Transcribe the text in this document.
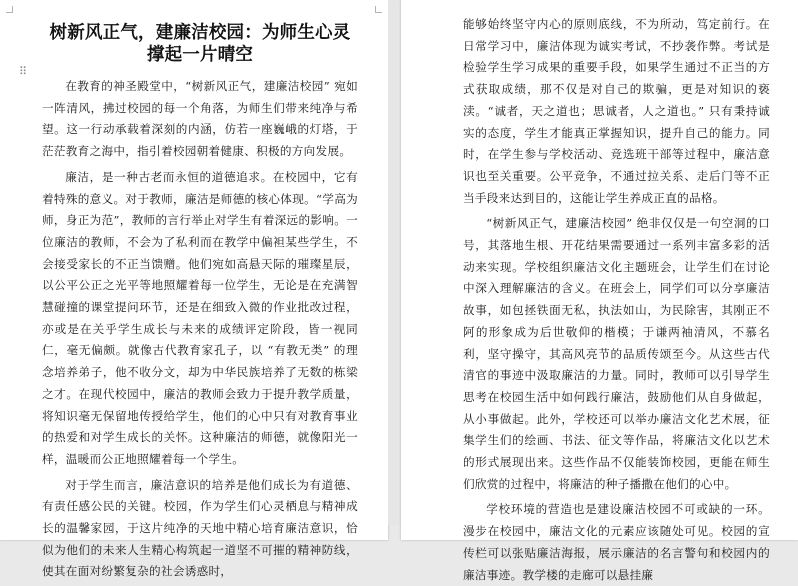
树新风正气，建廉洁校园：为师生心灵撑起一片晴空

在教育的神圣殿堂中，“树新风正气，建廉洁校园” 宛如一阵清风，拂过校园的每一个角落，为师生们带来纯净与希望。这一行动承载着深刻的内涵，仿若一座巍峨的灯塔，于茫茫教育之海中，指引着校园朝着健康、积极的方向发展。

廉洁，是一种古老而永恒的道德追求。在校园中，它有着特殊的意义。对于教师，廉洁是师德的核心体现。“学高为师，身正为范”，教师的言行举止对学生有着深远的影响。一位廉洁的教师，不会为了私利而在教学中偏袒某些学生，不会接受家长的不正当馈赠。他们宛如高悬天际的璀璨星辰，以公平公正之光平等地照耀着每一位学生，无论是在充满智慧碰撞的课堂提问环节，还是在细致入微的作业批改过程，亦或是在关乎学生成长与未来的成绩评定阶段，皆一视同仁，毫无偏颇。就像古代教育家孔子，以 “有教无类” 的理念培养弟子，他不收分文，却为中华民族培养了无数的栋梁之才。在现代校园中，廉洁的教师会致力于提升教学质量，将知识毫无保留地传授给学生，他们的心中只有对教育事业的热爱和对学生成长的关怀。这种廉洁的师德，就像阳光一样，温暖而公正地照耀着每一个学生。

对于学生而言，廉洁意识的培养是他们成长为有道德、有责任感公民的关键。校园，作为学生们心灵栖息与精神成长的温馨家园，于这片纯净的天地中精心培育廉洁意识，恰似为他们的未来人生精心构筑起一道坚不可摧的精神防线，使其在面对纷繁复杂的社会诱惑时，

⠿

能够始终坚守内心的原则底线，不为所动，笃定前行。在日常学习中，廉洁体现为诚实考试，不抄袭作弊。考试是检验学生学习成果的重要手段，如果学生通过不正当的方式获取成绩，那不仅是对自己的欺骗，更是对知识的亵渎。“诚者，天之道也；思诚者，人之道也。” 只有秉持诚实的态度，学生才能真正掌握知识，提升自己的能力。同时，在学生参与学校活动、竞选班干部等过程中，廉洁意识也至关重要。公平竞争，不通过拉关系、走后门等不正当手段来达到目的，这能让学生养成正直的品格。

“树新风正气，建廉洁校园” 绝非仅仅是一句空洞的口号，其落地生根、开花结果需要通过一系列丰富多彩的活动来实现。学校组织廉洁文化主题班会，让学生们在讨论中深入理解廉洁的含义。在班会上，同学们可以分享廉洁故事，如包拯铁面无私，执法如山，为民除害，其刚正不阿的形象成为后世敬仰的楷模；于谦两袖清风，不慕名利，坚守操守，其高风亮节的品质传颂至今。从这些古代清官的事迹中汲取廉洁的力量。同时，教师可以引导学生思考在校园生活中如何践行廉洁，鼓励他们从自身做起，从小事做起。此外，学校还可以举办廉洁文化艺术展，征集学生们的绘画、书法、征文等作品，将廉洁文化以艺术的形式展现出来。这些作品不仅能装饰校园，更能在师生们欣赏的过程中，将廉洁的种子播撒在他们的心中。

学校环境的营造也是建设廉洁校园不可或缺的一环。漫步在校园中，廉洁文化的元素应该随处可见。校园的宣传栏可以张贴廉洁海报，展示廉洁的名言警句和校园内的廉洁事迹。教学楼的走廊可以悬挂廉
